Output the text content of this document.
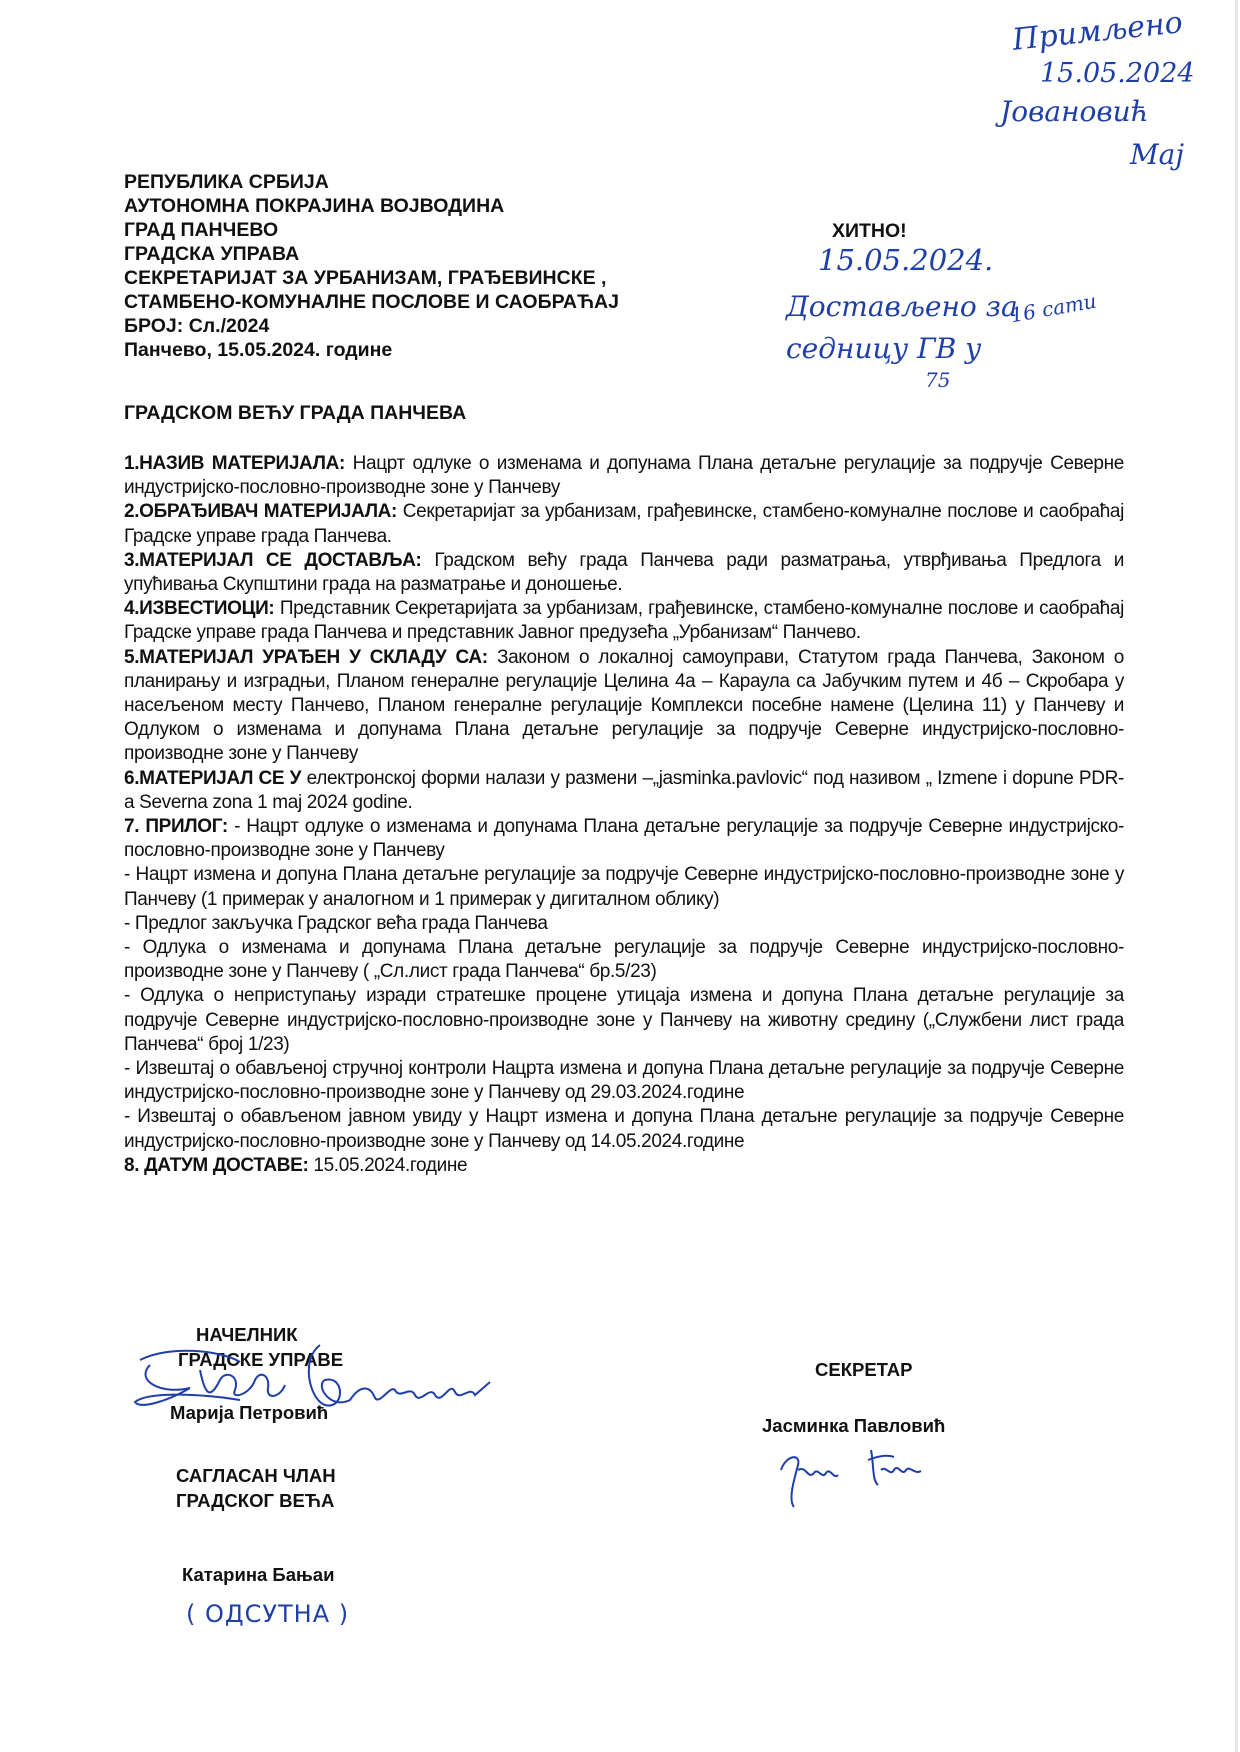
Примљено
15.05.2024
Јовановић
Мај
РЕПУБЛИКА СРБИЈА
АУТОНОМНА ПОКРАЈИНА ВОЈВОДИНА
ГРАД ПАНЧЕВО
ГРАДСКА УПРАВА
СЕКРЕТАРИЈАТ ЗА УРБАНИЗАМ, ГРАЂЕВИНСКЕ ,
СТАМБЕНО-КОМУНАЛНЕ ПОСЛОВЕ И САОБРАЋАЈ
БРОЈ: Сл./2024
Панчево, 15.05.2024. године
ХИТНО!
15.05.2024.
Достављено за
седницу ГВ у
16 сати
75
ГРАДСКОМ ВЕЋУ ГРАДА ПАНЧЕВА

1.НАЗИВ МАТЕРИЈАЛА: Нацрт одлуке о изменама и допунама Плана детаљне регулације за подручје Северне индустријско-пословно-производне зоне у Панчеву

2.ОБРАЂИВАЧ МАТЕРИЈАЛА: Секретаријат за урбанизам, грађевинске, стамбено-комуналне послове и саобраћај Градске управе града Панчева.

3.МАТЕРИЈАЛ СЕ ДОСТАВЉА: Градском већу града Панчева ради разматрања, утврђивања Предлога и упућивања Скупштини града на разматрање и доношење.

4.ИЗВЕСТИОЦИ: Представник Секретаријата за урбанизам, грађевинске, стамбено-комуналне послове и саобраћај Градске управе града Панчева и представник Јавног предузећа „Урбанизам“ Панчево.

5.МАТЕРИЈАЛ УРАЂЕН У СКЛАДУ СА: Законом о локалној самоуправи, Статутом града Панчева, Законом о планирању и изградњи, Планом генералне регулације Целина 4а – Караула са Јабучким путем и 4б – Скробара у насељеном месту Панчево, Планом генералне регулације Комплекси посебне намене (Целина 11) у Панчеву и Одлуком о изменама и допунама Плана детаљне регулације за подручје Северне индустријско-пословно-производне зоне у Панчеву

6.МАТЕРИЈАЛ СЕ У електронској форми налази у размени –„jasminka.pavlovic“ под називом „ Izmene i dopune PDR-a Severna zona 1 maj 2024 godine.

7. ПРИЛОГ: - Нацрт одлуке о изменама и допунама Плана детаљне регулације за подручје Северне индустријско-пословно-производне зоне у Панчеву

- Нацрт измена и допуна Плана детаљне регулације за подручје Северне индустријско-пословно-производне зоне у Панчеву (1 примерак у аналогном и 1 примерак у дигиталном облику)

- Предлог закључка Градског већа града Панчева

- Одлука о изменама и допунама Плана детаљне регулације за подручје Северне индустријско-пословно-производне зоне у Панчеву ( „Сл.лист града Панчева“ бр.5/23)

- Одлука о неприступању изради стратешке процене утицаја измена и допуна Плана детаљне регулације за подручје Северне индустријско-пословно-производне зоне у Панчеву на животну средину („Службени лист града Панчева“ број 1/23)

- Извештај о обављеној стручној контроли Нацрта измена и допуна Плана детаљне регулације за подручје Северне индустријско-пословно-производне зоне у Панчеву од 29.03.2024.године

- Извештај о обављеном јавном увиду у Нацрт измена и допуна Плана детаљне регулације за подручје Северне индустријско-пословно-производне зоне у Панчеву од 14.05.2024.године

8. ДАТУМ ДОСТАВЕ: 15.05.2024.године

НАЧЕЛНИК
ГРАДСКЕ УПРАВЕ
Марија Петровић
СЕКРЕТАР
Јасминка Павловић
САГЛАСАН ЧЛАН
ГРАДСКОГ ВЕЋА
Катарина Бањаи
( ОДСУТНА )
